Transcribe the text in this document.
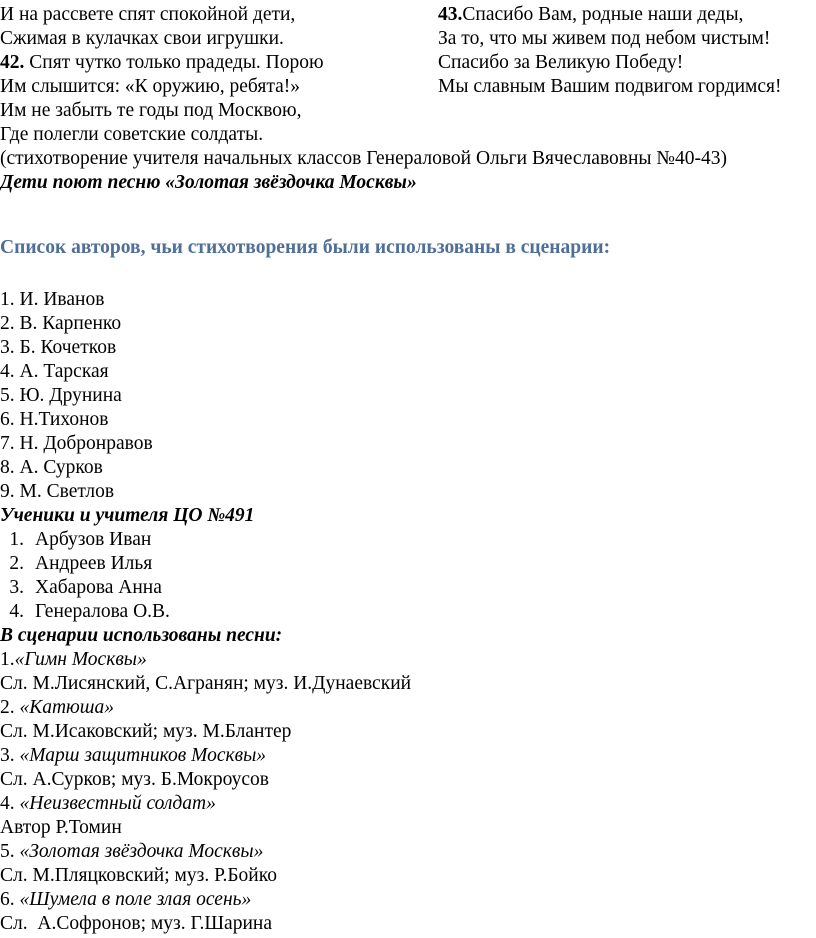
И на рассвете спят спокойной дети,
Сжимая в кулачках свои игрушки.
42. Спят чутко только прадеды. Порою
Им слышится: «К оружию, ребята!»
Им не забыть те годы под Москвою,
Где полегли советские солдаты.
43.Спасибо Вам, родные наши деды,
За то, что мы живем под небом чистым!
Спасибо за Великую Победу!
Мы славным Вашим подвигом гордимся!
(стихотворение учителя начальных классов Генераловой Ольги Вячеславовны №40-43)
Дети поют песню «Золотая звёздочка Москвы»
Список авторов, чьи стихотворения были использованы в сценарии:
1. И. Иванов
2. В. Карпенко
3. Б. Кочетков
4. А. Тарская
5. Ю. Друнина
6. Н.Тихонов
7. Н. Добронравов
8. А. Сурков
9. М. Светлов
Ученики и учителя ЦО №491
1. Арбузов Иван
2. Андреев Илья
3. Хабарова Анна
4. Генералова О.В.
В сценарии использованы песни:
1.«Гимн Москвы»
Сл. М.Лисянский, С.Агранян; муз. И.Дунаевский
2. «Катюша»
Сл. М.Исаковский; муз. М.Блантер
3. «Марш защитников Москвы»
Сл. А.Сурков; муз. Б.Мокроусов
4. «Неизвестный солдат»
Автор Р.Томин
5. «Золотая звёздочка Москвы»
Сл. М.Пляцковский; муз. Р.Бойко
6. «Шумела в поле злая осень»
Сл.  А.Софронов; муз. Г.Шарина
